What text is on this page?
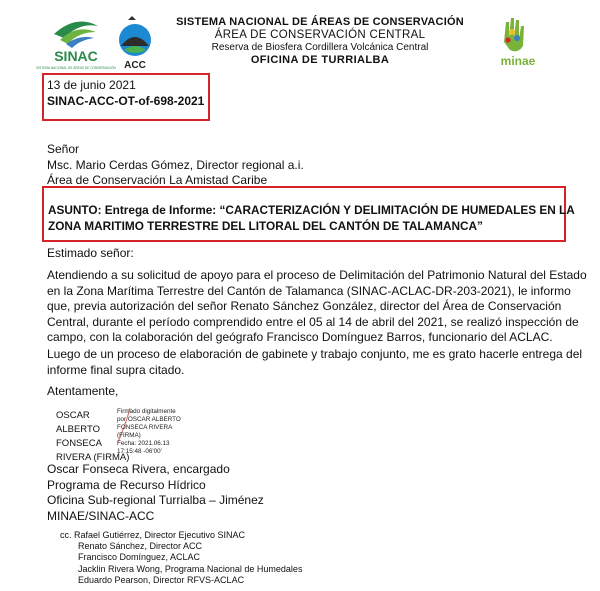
SINAC
SISTEMA NACIONAL DE ÁREAS DE CONSERVACIÓN ACC	minae
SISTEMA NACIONAL DE ÁREAS DE CONSERVACIÓN
ÁREA DE CONSERVACIÓN CENTRAL
Reserva de Biosfera Cordillera Volcánica Central
OFICINA DE TURRIALBA
13 de junio 2021
SINAC-ACC-OT-of-698-2021
Señor
Msc. Mario Cerdas Gómez, Director regional a.i.
Área de Conservación La Amistad Caribe
ASUNTO: Entrega de Informe: “CARACTERIZACIÓN Y DELIMITACIÓN DE HUMEDALES EN LA
ZONA MARITIMO TERRESTRE DEL LITORAL DEL CANTÓN DE TALAMANCA”
Estimado señor:
Atendiendo a su solicitud de apoyo para el proceso de Delimitación del Patrimonio Natural del Estado
en la Zona Marítima Terrestre del Cantón de Talamanca (SINAC-ACLAC-DR-203-2021), le informo
que, previa autorización del señor Renato Sánchez González, director del Área de Conservación
Central, durante el período comprendido entre el 05 al 14 de abril del 2021, se realizó inspección de
campo, con la colaboración del geógrafo Francisco Domínguez Barros, funcionario del ACLAC.
Luego de un proceso de elaboración de gabinete y trabajo conjunto, me es grato hacerle entrega del
informe final supra citado.
Atentamente,
OSCAR
ALBERTO
FONSECA
RIVERA (FIRMA)
Firmado digitalmente
por OSCAR ALBERTO
FONSECA RIVERA
(FIRMA)
Fecha: 2021.06.13
17:15:48 -06'00'
Oscar Fonseca Rivera, encargado
Programa de Recurso Hídrico
Oficina Sub-regional Turrialba – Jiménez
MINAE/SINAC-ACC
cc. Rafael Gutiérrez, Director Ejecutivo SINAC
Renato Sánchez, Director ACC
Francisco Domínguez, ACLAC
Jacklin Rivera Wong, Programa Nacional de Humedales
Eduardo Pearson, Director RFVS-ACLAC
